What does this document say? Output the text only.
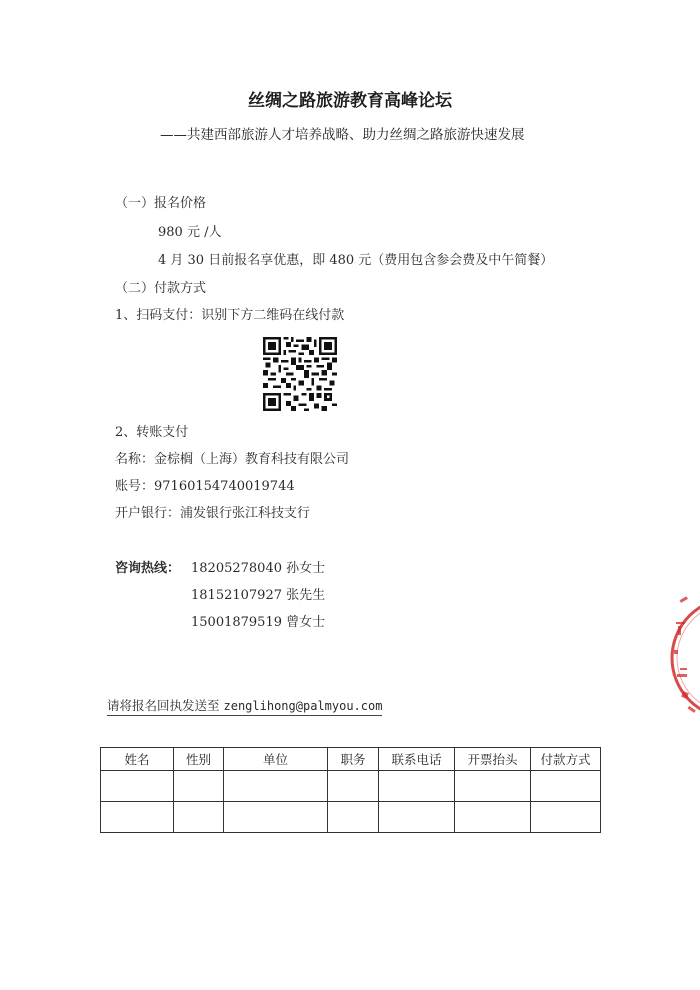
丝绸之路旅游教育高峰论坛
——共建西部旅游人才培养战略、助力丝绸之路旅游快速发展
（一）报名价格
980 元 /人
4 月 30 日前报名享优惠，即 480 元（费用包含参会费及中午简餐）
（二）付款方式
1、扫码支付：识别下方二维码在线付款
2、转账支付
名称：金棕榈（上海）教育科技有限公司
账号：97160154740019744
开户银行：浦发银行张江科技支行
咨询热线： 18205278040 孙女士
18152107927 张先生
15001879519 曾女士
请将报名回执发送至 zenglihong@palmyou.com
姓名	性别	单位	职务	联系电话	开票抬头	付款方式
